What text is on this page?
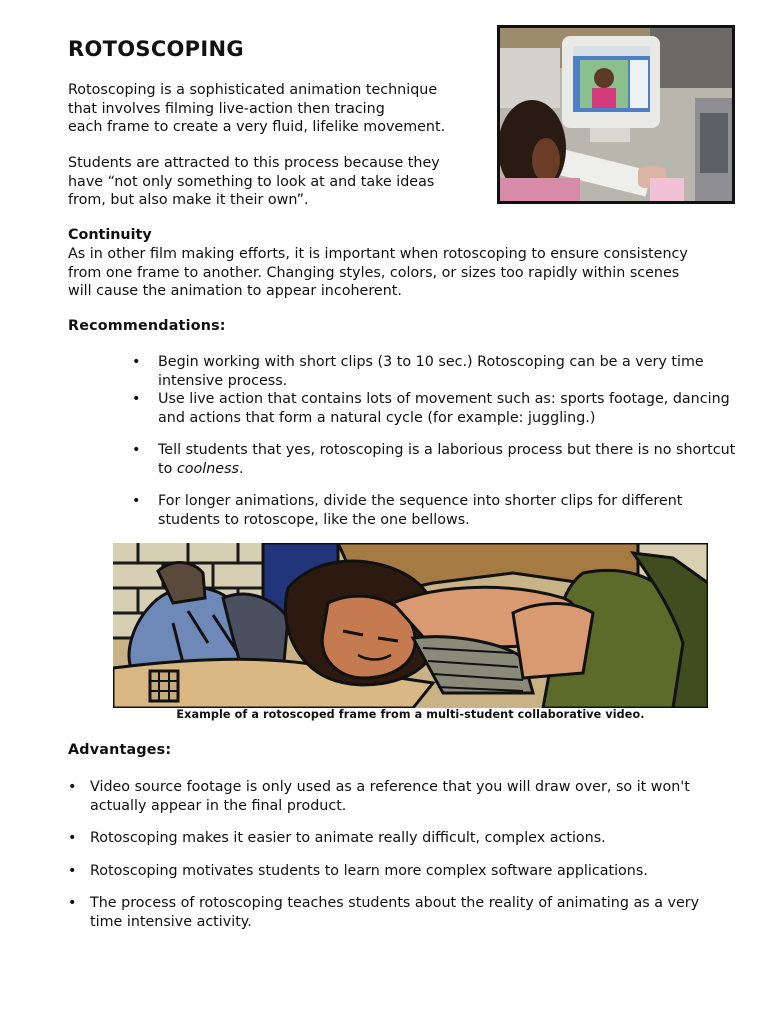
ROTOSCOPING

Rotoscoping is a sophisticated animation technique
that involves filming live-action then tracing
each frame to create a very fluid, lifelike movement.

Students are attracted to this process because they
have “not only something to look at and take ideas
from, but also make it their own”.

Continuity

As in other film making efforts, it is important when rotoscoping to ensure consistency
from one frame to another. Changing styles, colors, or sizes too rapidly within scenes
will cause the animation to appear incoherent.

Recommendations:
• Begin working with short clips (3 to 10 sec.) Rotoscoping can be a very time
intensive process.
• Use live action that contains lots of movement such as: sports footage, dancing
and actions that form a natural cycle (for example: juggling.)
• Tell students that yes, rotoscoping is a laborious process but there is no shortcut
to coolness.
• For longer animations, divide the sequence into shorter clips for different
students to rotoscope, like the one bellows.

Example of a rotoscoped frame from a multi-student collaborative video.

Advantages:
• Video source footage is only used as a reference that you will draw over, so it won't
actually appear in the final product.
• Rotoscoping makes it easier to animate really difficult, complex actions.
• Rotoscoping motivates students to learn more complex software applications.
• The process of rotoscoping teaches students about the reality of animating as a very
time intensive activity.
